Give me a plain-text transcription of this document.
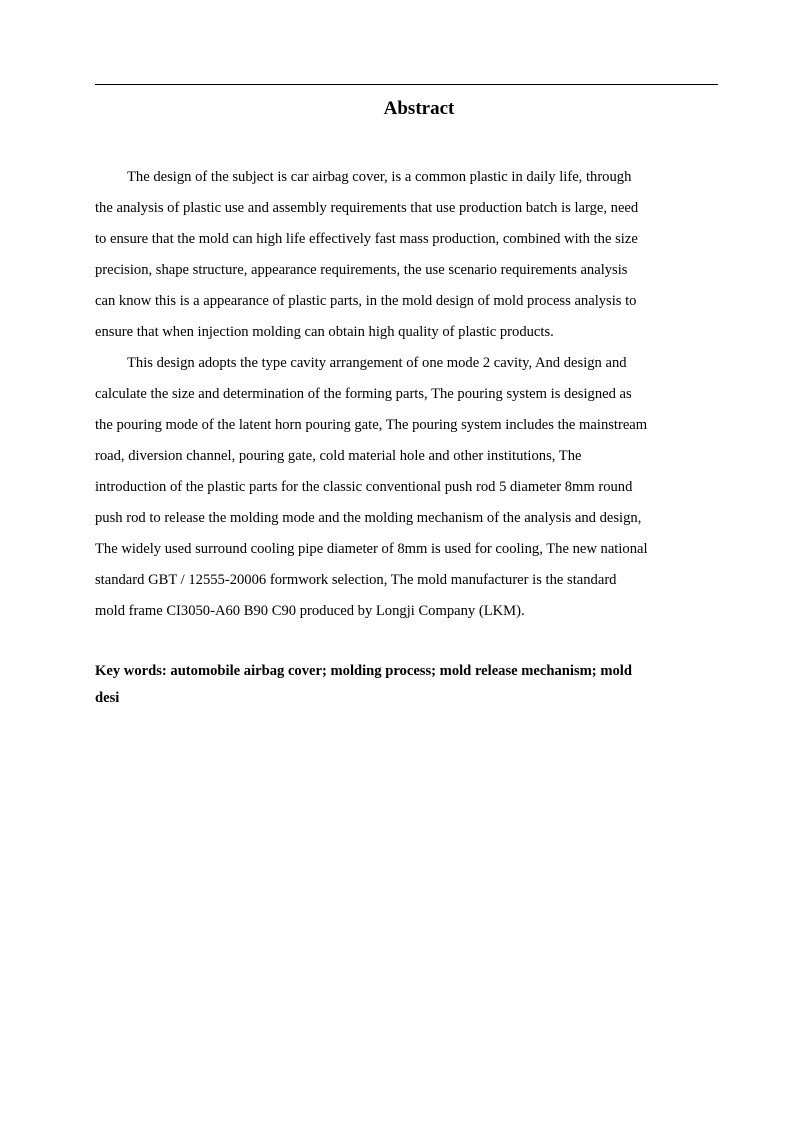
Abstract
The design of the subject is car airbag cover, is a common plastic in daily life, through
the analysis of plastic use and assembly requirements that use production batch is large, need
to ensure that the mold can high life effectively fast mass production, combined with the size
precision, shape structure, appearance requirements, the use scenario requirements analysis
can know this is a appearance of plastic parts, in the mold design of mold process analysis to
ensure that when injection molding can obtain high quality of plastic products.
This design adopts the type cavity arrangement of one mode 2 cavity, And design and
calculate the size and determination of the forming parts, The pouring system is designed as
the pouring mode of the latent horn pouring gate, The pouring system includes the mainstream
road, diversion channel, pouring gate, cold material hole and other institutions, The
introduction of the plastic parts for the classic conventional push rod 5 diameter 8mm round
push rod to release the molding mode and the molding mechanism of the analysis and design,
The widely used surround cooling pipe diameter of 8mm is used for cooling, The new national
standard GBT / 12555-20006 formwork selection, The mold manufacturer is the standard
mold frame CI3050-A60 B90 C90 produced by Longji Company (LKM).
Key words: automobile airbag cover; molding process; mold release mechanism; mold
desi
